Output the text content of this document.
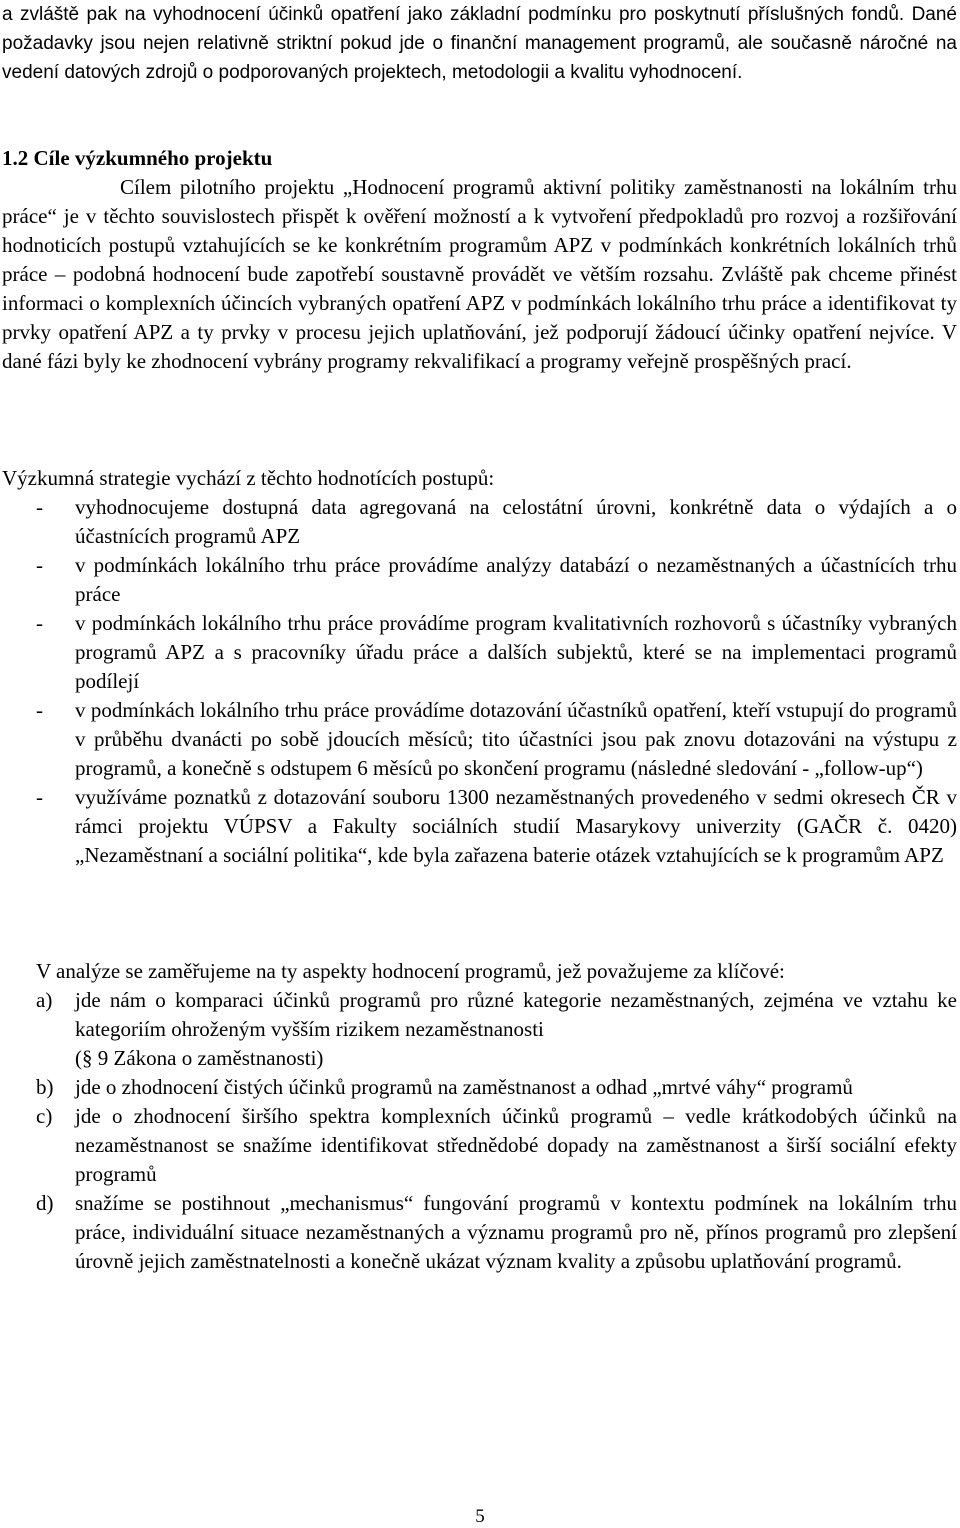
a zvláště pak na vyhodnocení účinků opatření jako základní podmínku pro poskytnutí příslušných fondů. Dané požadavky jsou nejen relativně striktní pokud jde o finanční management programů, ale současně náročné na vedení datových zdrojů o podporovaných projektech, metodologii a kvalitu vyhodnocení.

1.2 Cíle výzkumného projektu

Cílem pilotního projektu „Hodnocení programů aktivní politiky zaměstnanosti na lokálním trhu práce“ je v těchto souvislostech přispět k ověření možností a k vytvoření předpokladů pro rozvoj a rozšiřování hodnoticích postupů vztahujících se ke konkrétním programům APZ v podmínkách konkrétních lokálních trhů práce – podobná hodnocení bude zapotřebí soustavně provádět ve větším rozsahu. Zvláště pak chceme přinést informaci o komplexních účincích vybraných opatření APZ v podmínkách lokálního trhu práce a identifikovat ty prvky opatření APZ a ty prvky v procesu jejich uplatňování, jež podporují žádoucí účinky opatření nejvíce. V dané fázi byly ke zhodnocení vybrány programy rekvalifikací a programy veřejně prospěšných prací.

Výzkumná strategie vychází z těchto hodnotících postupů:

- vyhodnocujeme dostupná data agregovaná na celostátní úrovni, konkrétně data o výdajích a o účastnících programů APZ
- v podmínkách lokálního trhu práce provádíme analýzy databází o nezaměstnaných a účastnících trhu práce
- v podmínkách lokálního trhu práce provádíme program kvalitativních rozhovorů s účastníky vybraných programů APZ a s pracovníky úřadu práce a dalších subjektů, které se na implementaci programů podílejí
- v podmínkách lokálního trhu práce provádíme dotazování účastníků opatření, kteří vstupují do programů v průběhu dvanácti po sobě jdoucích měsíců; tito účastníci jsou pak znovu dotazováni na výstupu z programů, a konečně s odstupem 6 měsíců po skončení programu (následné sledování - „follow-up“)
- využíváme poznatků z dotazování souboru 1300 nezaměstnaných provedeného v sedmi okresech ČR v rámci projektu VÚPSV a Fakulty sociálních studií Masarykovy univerzity (GAČR č. 0420) „Nezaměstnaní a sociální politika“, kde byla zařazena baterie otázek vztahujících se k programům APZ

V analýze se zaměřujeme na ty aspekty hodnocení programů, jež považujeme za klíčové:

a) jde nám o komparaci účinků programů pro různé kategorie nezaměstnaných, zejména ve vztahu ke kategoriím ohroženým vyšším rizikem nezaměstnanosti
(§ 9 Zákona o zaměstnanosti)
b) jde o zhodnocení čistých účinků programů na zaměstnanost a odhad „mrtvé váhy“ programů
c) jde o zhodnocení širšího spektra komplexních účinků programů – vedle krátkodobých účinků na nezaměstnanost se snažíme identifikovat střednědobé dopady na zaměstnanost a širší sociální efekty programů
d) snažíme se postihnout „mechanismus“ fungování programů v kontextu podmínek na lokálním trhu práce, individuální situace nezaměstnaných a významu programů pro ně, přínos programů pro zlepšení úrovně jejich zaměstnatelnosti a konečně ukázat význam kvality a způsobu uplatňování programů.
5
